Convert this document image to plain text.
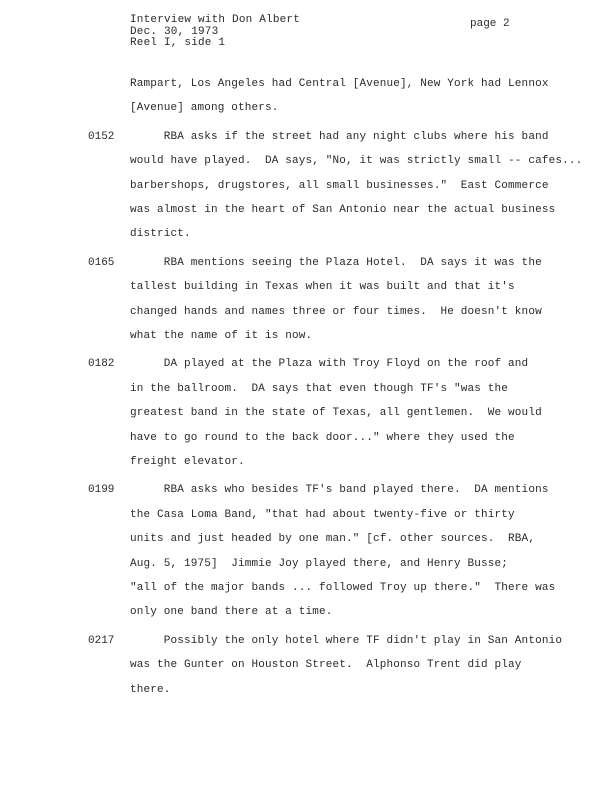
Interview with Don Albert
Dec. 30, 1973
Reel I, side 1
page 2
Rampart, Los Angeles had Central [Avenue], New York had Lennox
[Avenue] among others.
0152 RBA asks if the street had any night clubs where his band
would have played.  DA says, "No, it was strictly small -- cafes...
barbershops, drugstores, all small businesses."  East Commerce
was almost in the heart of San Antonio near the actual business
district.
0165 RBA mentions seeing the Plaza Hotel.  DA says it was the
tallest building in Texas when it was built and that it's
changed hands and names three or four times.  He doesn't know
what the name of it is now.
0182 DA played at the Plaza with Troy Floyd on the roof and
in the ballroom.  DA says that even though TF's "was the
greatest band in the state of Texas, all gentlemen.  We would
have to go round to the back door..." where they used the
freight elevator.
0199 RBA asks who besides TF's band played there.  DA mentions
the Casa Loma Band, "that had about twenty-five or thirty
units and just headed by one man." [cf. other sources.  RBA,
Aug. 5, 1975]  Jimmie Joy played there, and Henry Busse;
"all of the major bands ... followed Troy up there."  There was
only one band there at a time.
0217 Possibly the only hotel where TF didn't play in San Antonio
was the Gunter on Houston Street.  Alphonso Trent did play
there.
